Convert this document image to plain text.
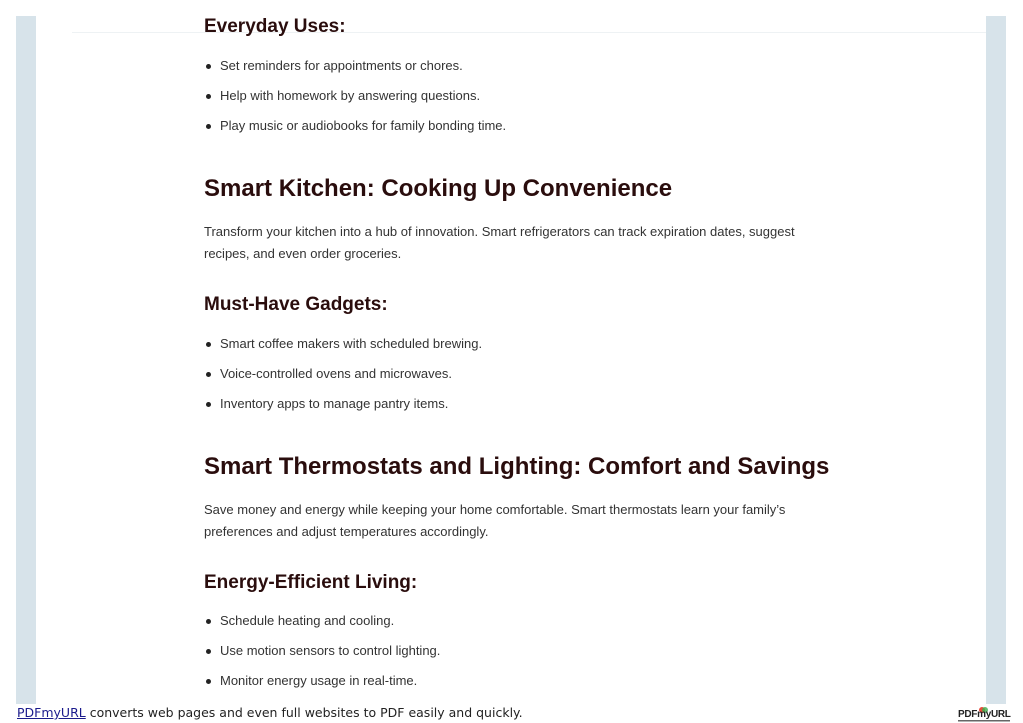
Everyday Uses:
Set reminders for appointments or chores.
Help with homework by answering questions.
Play music or audiobooks for family bonding time.
Smart Kitchen: Cooking Up Convenience

Transform your kitchen into a hub of innovation. Smart refrigerators can track expiration dates, suggest recipes, and even order groceries.

Must-Have Gadgets:
Smart coffee makers with scheduled brewing.
Voice-controlled ovens and microwaves.
Inventory apps to manage pantry items.
Smart Thermostats and Lighting: Comfort and Savings

Save money and energy while keeping your home comfortable. Smart thermostats learn your family’s preferences and adjust temperatures accordingly.

Energy-Efficient Living:
Schedule heating and cooling.
Use motion sensors to control lighting.
Monitor energy usage in real-time.
PDFmyURL converts web pages and even full websites to PDF easily and quickly.	PDFmyURL
